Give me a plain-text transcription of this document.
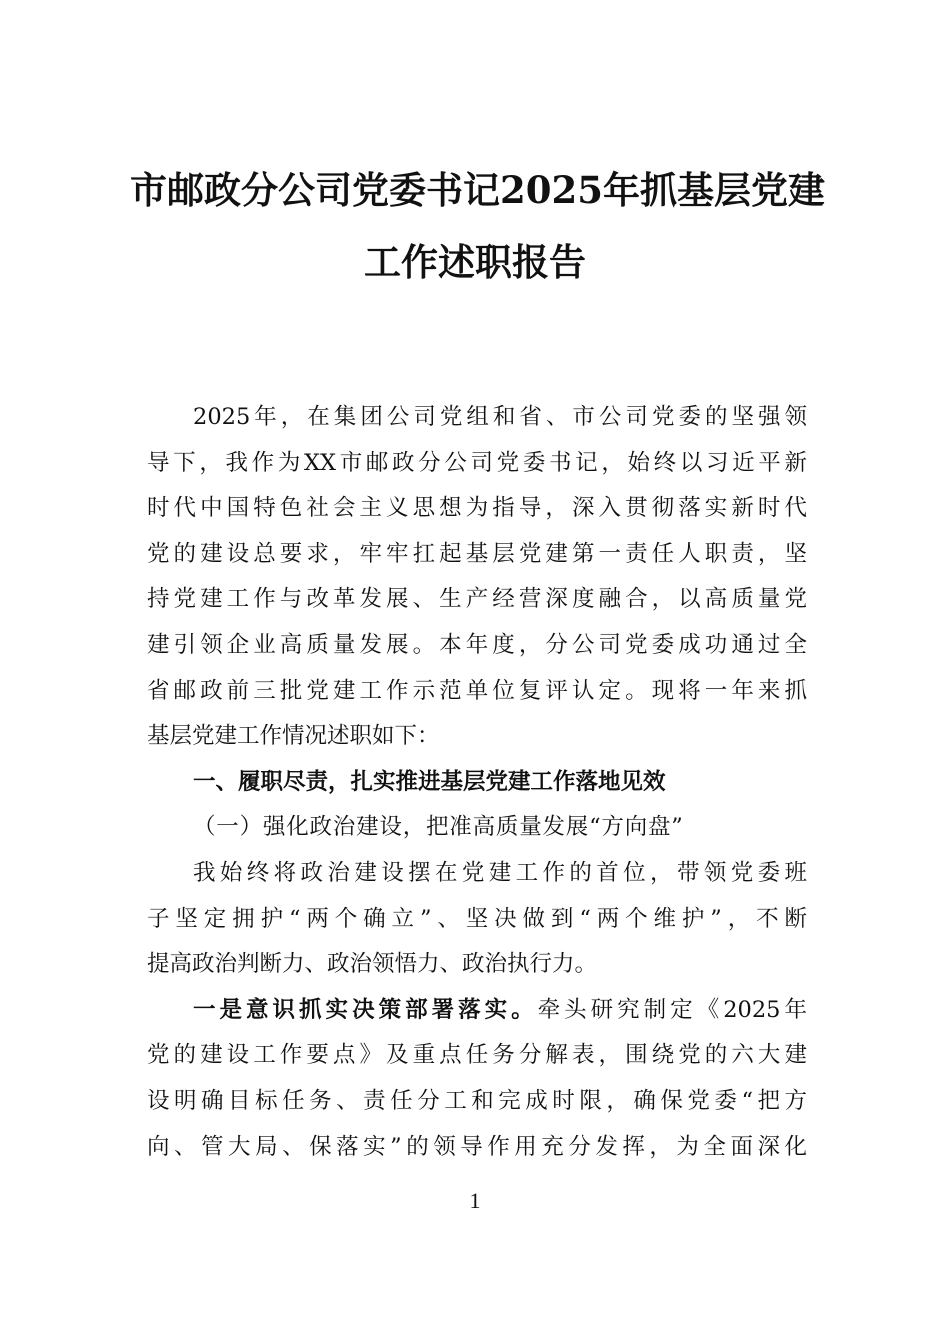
市邮政分公司党委书记2025年抓基层党建
工作述职报告
2025年，在集团公司党组和省、市公司党委的坚强领
导下，我作为XX市邮政分公司党委书记，始终以习近平新
时代中国特色社会主义思想为指导，深入贯彻落实新时代
党的建设总要求，牢牢扛起基层党建第一责任人职责，坚
持党建工作与改革发展、生产经营深度融合，以高质量党
建引领企业高质量发展。本年度，分公司党委成功通过全
省邮政前三批党建工作示范单位复评认定。现将一年来抓
基层党建工作情况述职如下：
一、履职尽责，扎实推进基层党建工作落地见效
（一）强化政治建设，把准高质量发展“方向盘”
我始终将政治建设摆在党建工作的首位，带领党委班
子坚定拥护“两个确立”、坚决做到“两个维护”，不断
提高政治判断力、政治领悟力、政治执行力。
一是意识抓实决策部署落实。牵头研究制定《2025年
党的建设工作要点》及重点任务分解表，围绕党的六大建
设明确目标任务、责任分工和完成时限，确保党委“把方
向、管大局、保落实”的领导作用充分发挥，为全面深化
1
